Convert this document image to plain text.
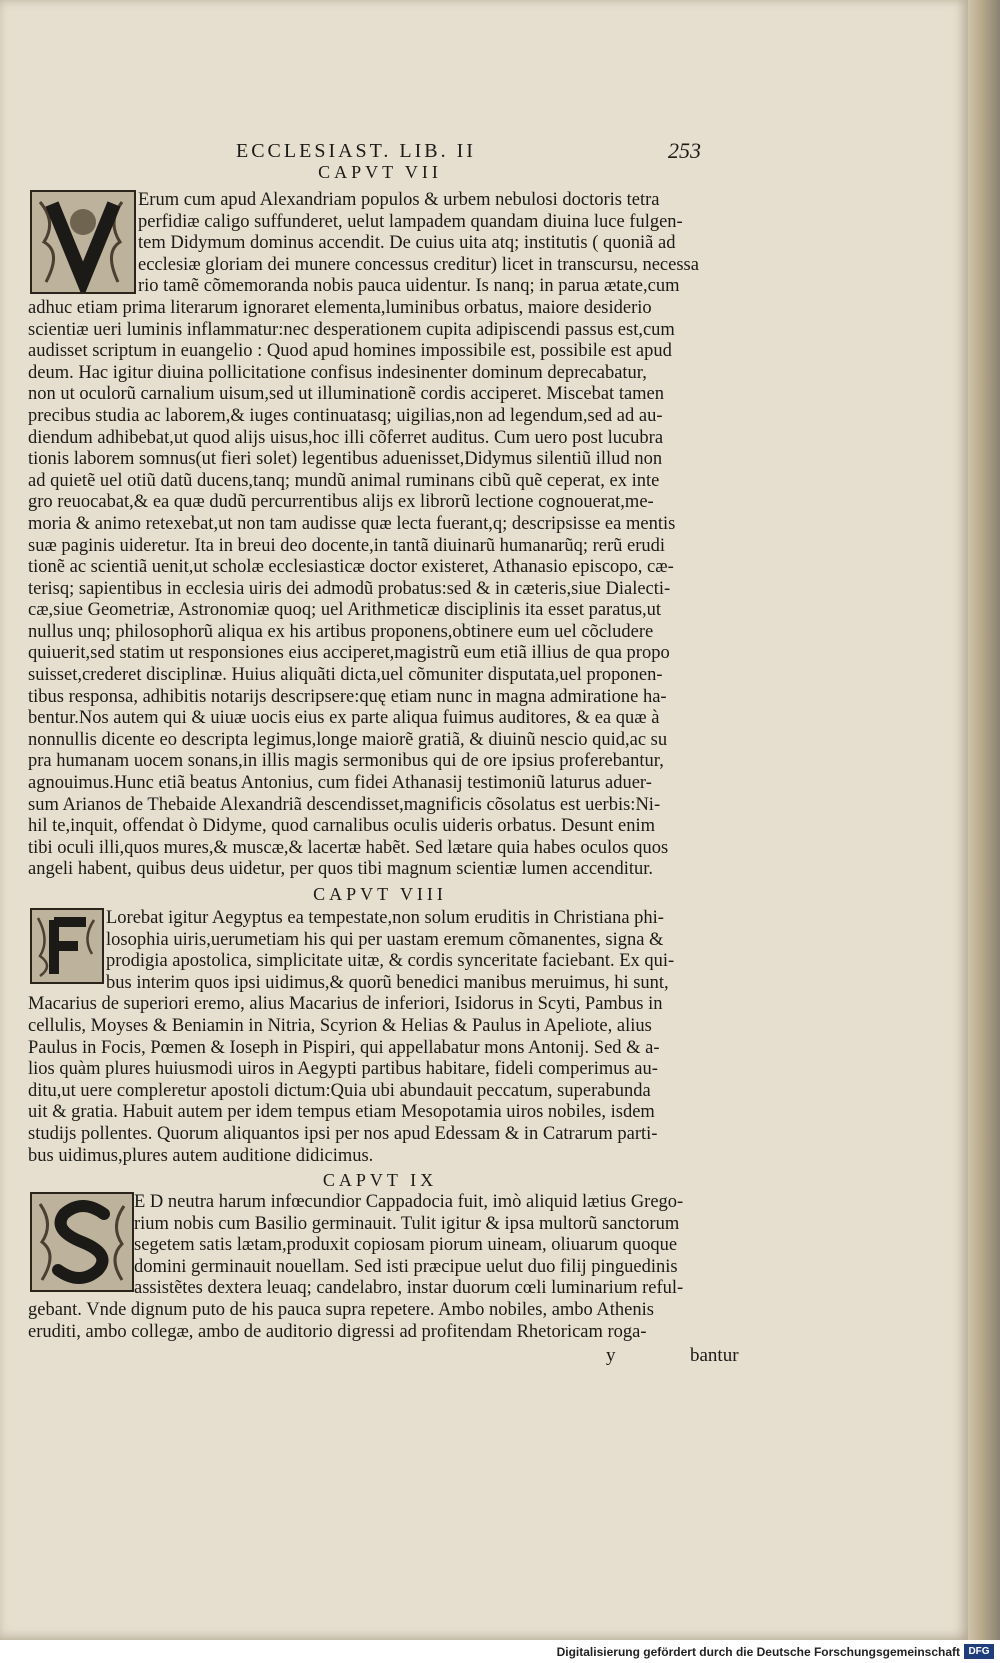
ECCLESIAST. LIB. II	253
CAPVT VII
Erum cum apud Alexandriam populos & urbem nebulosi doctoris tetra
perfidiæ caligo suffunderet, uelut lampadem quandam diuina luce fulgen-
tem Didymum dominus accendit. De cuius uita atq; institutis ( quoniã ad
ecclesiæ gloriam dei munere concessus creditur) licet in transcursu, necessa
rio tamẽ cõmemoranda nobis pauca uidentur. Is nanq; in parua ætate,cum
adhuc etiam prima literarum ignoraret elementa,luminibus orbatus, maiore desiderio
scientiæ ueri luminis inflammatur:nec desperationem cupita adipiscendi passus est,cum
audisset scriptum in euangelio : Quod apud homines impossibile est, possibile est apud
deum. Hac igitur diuina pollicitatione confisus indesinenter dominum deprecabatur,
non ut oculorũ carnalium uisum,sed ut illuminationẽ cordis acciperet. Miscebat tamen
precibus studia ac laborem,& iuges continuatasq; uigilias,non ad legendum,sed ad au-
diendum adhibebat,ut quod alijs uisus,hoc illi cõferret auditus. Cum uero post lucubra
tionis laborem somnus(ut fieri solet) legentibus aduenisset,Didymus silentiũ illud non
ad quietẽ uel otiũ datũ ducens,tanq; mundũ animal ruminans cibũ quẽ ceperat, ex inte
gro reuocabat,& ea quæ dudũ percurrentibus alijs ex librorũ lectione cognouerat,me-
moria & animo retexebat,ut non tam audisse quæ lecta fuerant,q; descripsisse ea mentis
suæ paginis uideretur. Ita in breui deo docente,in tantã diuinarũ humanarũq; rerũ erudi
tionẽ ac scientiã uenit,ut scholæ ecclesiasticæ doctor existeret, Athanasio episcopo, cæ-
terisq; sapientibus in ecclesia uiris dei admodũ probatus:sed & in cæteris,siue Dialecti-
cæ,siue Geometriæ, Astronomiæ quoq; uel Arithmeticæ disciplinis ita esset paratus,ut
nullus unq; philosophorũ aliqua ex his artibus proponens,obtinere eum uel cõcludere
quiuerit,sed statim ut responsiones eius acciperet,magistrũ eum etiã illius de qua propo
suisset,crederet disciplinæ. Huius aliquãti dicta,uel cõmuniter disputata,uel proponen-
tibus responsa, adhibitis notarijs descripsere:quę etiam nunc in magna admiratione ha-
bentur.Nos autem qui & uiuæ uocis eius ex parte aliqua fuimus auditores, & ea quæ à
nonnullis dicente eo descripta legimus,longe maiorẽ gratiã, & diuinũ nescio quid,ac su
pra humanam uocem sonans,in illis magis sermonibus qui de ore ipsius proferebantur,
agnouimus.Hunc etiã beatus Antonius, cum fidei Athanasij testimoniũ laturus aduer-
sum Arianos de Thebaide Alexandriã descendisset,magnificis cõsolatus est uerbis:Ni-
hil te,inquit, offendat ò Didyme, quod carnalibus oculis uideris orbatus. Desunt enim
tibi oculi illi,quos mures,& muscæ,& lacertæ habẽt. Sed lætare quia habes oculos quos
angeli habent, quibus deus uidetur, per quos tibi magnum scientiæ lumen accenditur.
CAPVT VIII
Lorebat igitur Aegyptus ea tempestate,non solum eruditis in Christiana phi-
losophia uiris,uerumetiam his qui per uastam eremum cõmanentes, signa &
prodigia apostolica, simplicitate uitæ, & cordis synceritate faciebant. Ex qui-
bus interim quos ipsi uidimus,& quorũ benedici manibus meruimus, hi sunt,
Macarius de superiori eremo, alius Macarius de inferiori, Isidorus in Scyti, Pambus in
cellulis, Moyses & Beniamin in Nitria, Scyrion & Helias & Paulus in Apeliote, alius
Paulus in Focis, Pœmen & Ioseph in Pispiri, qui appellabatur mons Antonij. Sed & a-
lios quàm plures huiusmodi uiros in Aegypti partibus habitare, fideli comperimus au-
ditu,ut uere compleretur apostoli dictum:Quia ubi abundauit peccatum, superabunda
uit & gratia. Habuit autem per idem tempus etiam Mesopotamia uiros nobiles, isdem
studijs pollentes. Quorum aliquantos ipsi per nos apud Edessam & in Catrarum parti-
bus uidimus,plures autem auditione didicimus.
CAPVT IX
E D neutra harum infœcundior Cappadocia fuit, imò aliquid lætius Grego-
rium nobis cum Basilio germinauit. Tulit igitur & ipsa multorũ sanctorum
segetem satis lætam,produxit copiosam piorum uineam, oliuarum quoque
domini germinauit nouellam. Sed isti præcipue uelut duo filij pinguedinis
assistẽtes dextera leuaq; candelabro, instar duorum cœli luminarium reful-
gebant. Vnde dignum puto de his pauca supra repetere. Ambo nobiles, ambo Athenis
eruditi, ambo collegæ, ambo de auditorio digressi ad profitendam Rhetoricam roga-
y	bantur
Digitalisierung gefördert durch die Deutsche Forschungsgemeinschaft DFG
